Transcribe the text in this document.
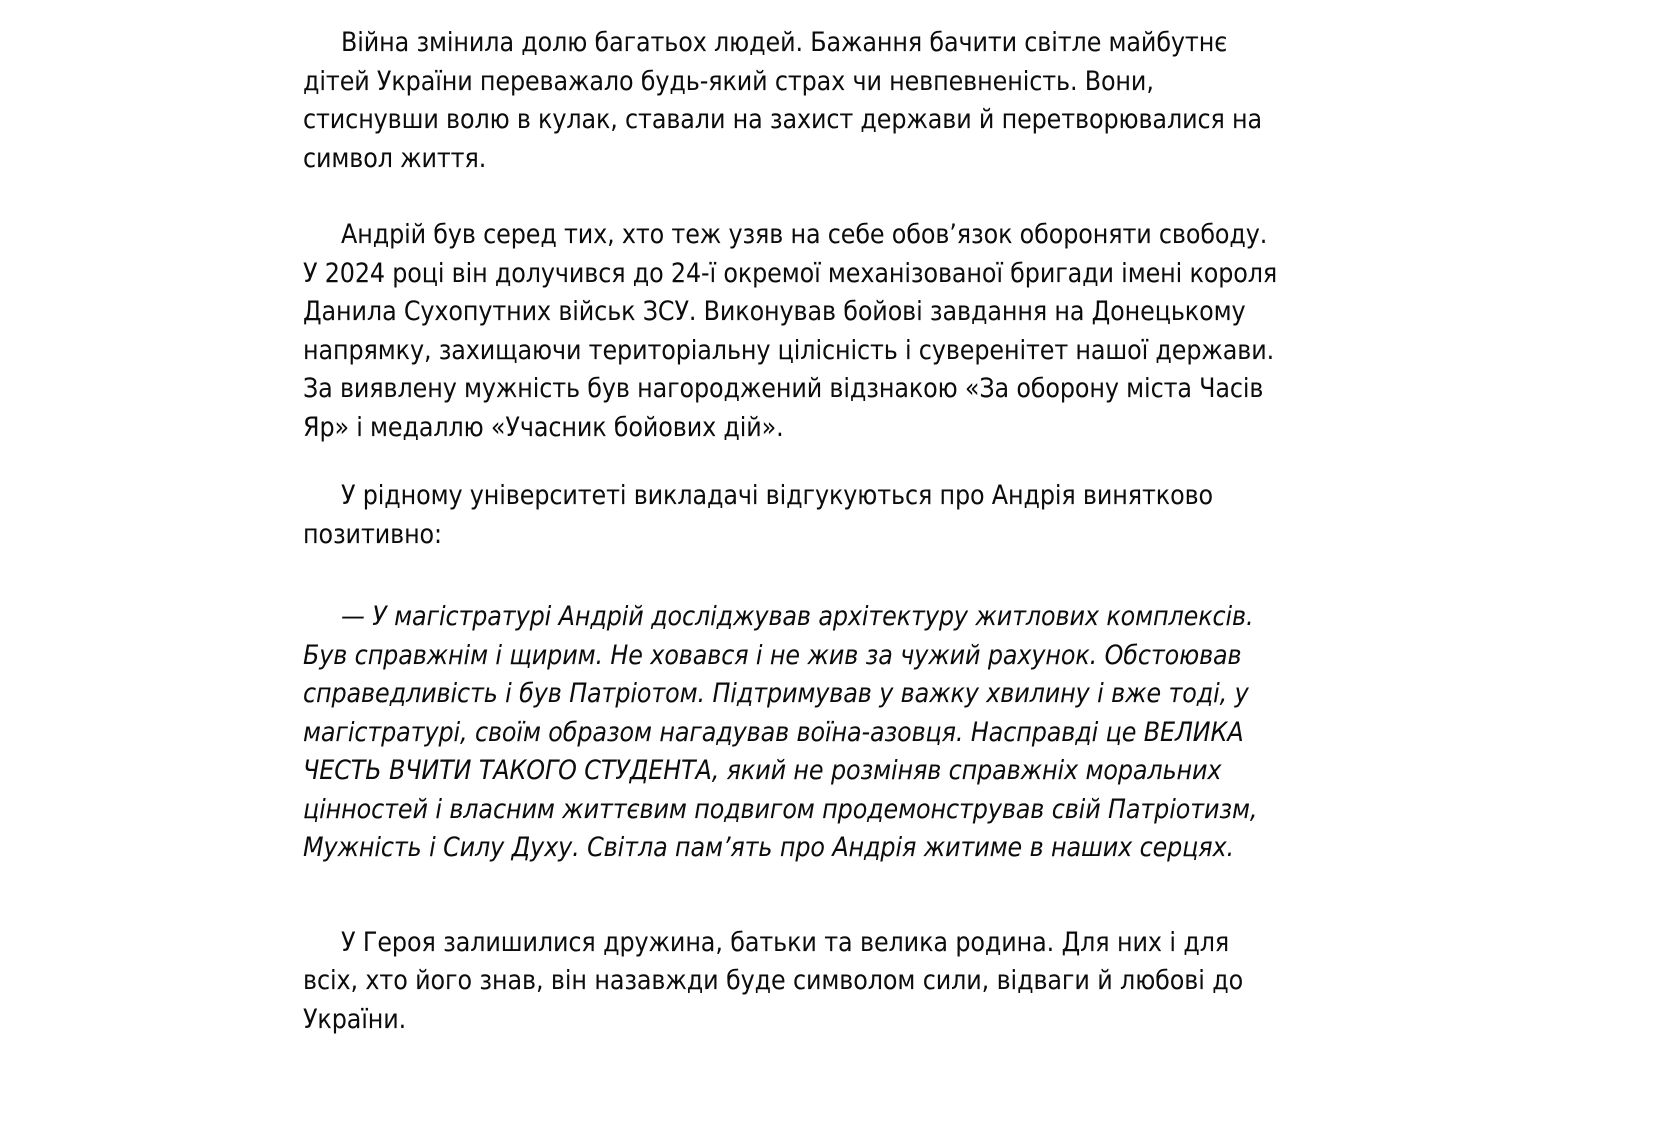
Війна змінила долю багатьох людей. Бажання бачити світле майбутнє дітей України переважало будь-який страх чи невпевненість. Вони, стиснувши волю в кулак, ставали на захист держави й перетворювалися на символ життя.

Андрій був серед тих, хто теж узяв на себе обов’язок обороняти свободу. У 2024 році він долучився до 24-ї окремої механізованої бригади імені короля Данила Сухопутних військ ЗСУ. Виконував бойові завдання на Донецькому напрямку, захищаючи територіальну цілісність і суверенітет нашої держави. За виявлену мужність був нагороджений відзнакою «За оборону міста Часів Яр» і медаллю «Учасник бойових дій».

У рідному університеті викладачі відгукуються про Андрія винятково позитивно:

— У магістратурі Андрій досліджував архітектуру житлових комплексів. Був справжнім і щирим. Не ховався і не жив за чужий рахунок. Обстоював справедливість і був Патріотом. Підтримував у важку хвилину і вже тоді, у магістратурі, своїм образом нагадував воїна-азовця. Насправді це ВЕЛИКА ЧЕСТЬ ВЧИТИ ТАКОГО СТУДЕНТА, який не розміняв справжніх моральних цінностей і власним життєвим подвигом продемонстрував свій Патріотизм, Мужність і Силу Духу. Світла пам’ять про Андрія житиме в наших серцях.

У Героя залишилися дружина, батьки та велика родина. Для них і для всіх, хто його знав, він назавжди буде символом сили, відваги й любові до України.
